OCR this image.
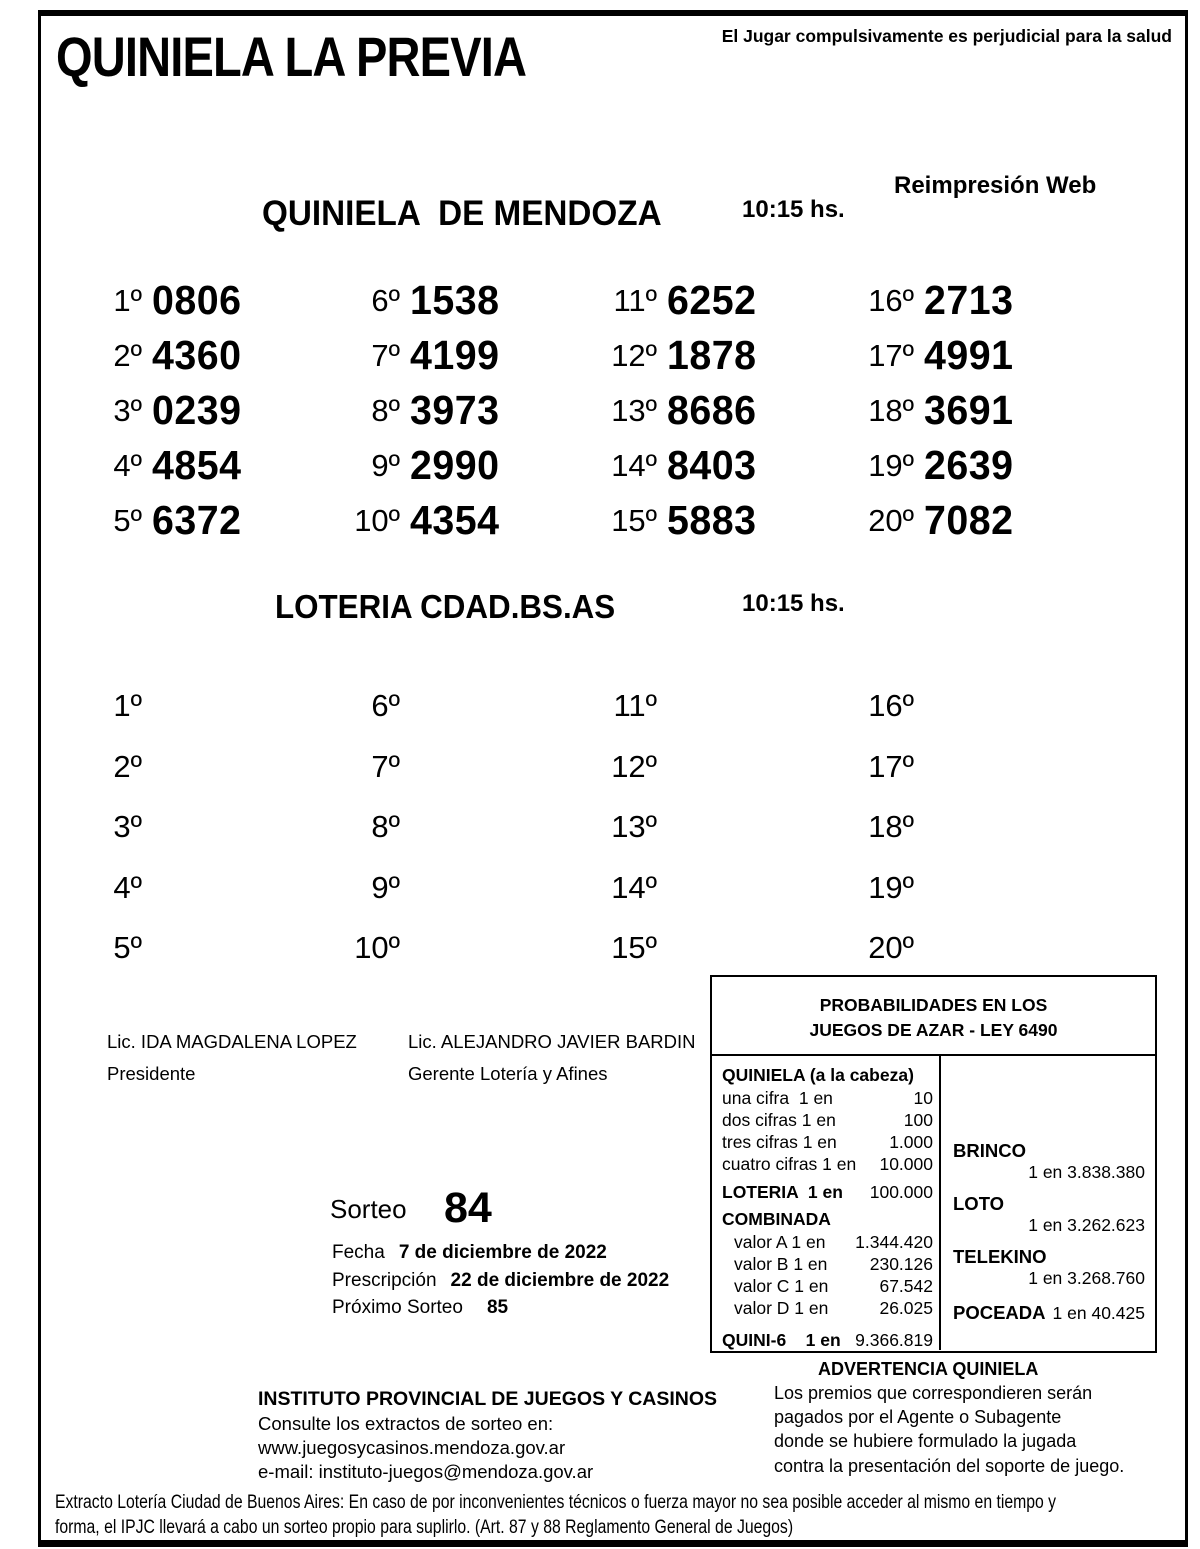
QUINIELA LA PREVIA	El Jugar compulsivamente es perjudicial para la salud
QUINIELA  DE MENDOZA	10:15 hs.
Reimpresión Web
1º 0806	6º 1538	11º 6252	16º 2713
2º 4360	7º 4199	12º 1878	17º 4991
3º 0239	8º 3973	13º 8686	18º 3691
4º 4854	9º 2990	14º 8403	19º 2639
5º 6372	10º 4354	15º 5883	20º 7082
LOTERIA CDAD.BS.AS	10:15 hs.
1º	6º	11º	16º
2º	7º	12º	17º
3º	8º	13º	18º
4º	9º	14º	19º
5º	10º	15º	20º
Lic. IDA MAGDALENA LOPEZ
Presidente
Lic. ALEJANDRO JAVIER BARDIN
Gerente Lotería y Afines
PROBABILIDADES EN LOS
JUEGOS DE AZAR - LEY 6490
QUINIELA (a la cabeza)
una cifra  1 en	10
dos cifras 1 en	100
tres cifras 1 en	1.000
cuatro cifras 1 en 10.000
LOTERIA  1 en 100.000
COMBINADA
valor A 1 en 1.344.420
valor B 1 en 230.126
valor C 1 en	67.542
valor D 1 en	26.025
QUINI-6    1 en 9.366.819
BRINCO
1 en 3.838.380
LOTO
1 en 3.262.623
TELEKINO
1 en 3.268.760
POCEADA 1 en 40.425
Sorteo 84
Fecha 7 de diciembre de 2022
Prescripción 22 de diciembre de 2022
Próximo Sorteo 85
INSTITUTO PROVINCIAL DE JUEGOS Y CASINOS
Consulte los extractos de sorteo en:
www.juegosycasinos.mendoza.gov.ar
e-mail: instituto-juegos@mendoza.gov.ar
ADVERTENCIA QUINIELA
Los premios que correspondieren serán
pagados por el Agente o Subagente
donde se hubiere formulado la jugada
contra la presentación del soporte de juego.
Extracto Lotería Ciudad de Buenos Aires: En caso de por inconvenientes técnicos o fuerza mayor no sea posible acceder al mismo en tiempo y
forma, el IPJC llevará a cabo un sorteo propio para suplirlo. (Art. 87 y 88 Reglamento General de Juegos)
